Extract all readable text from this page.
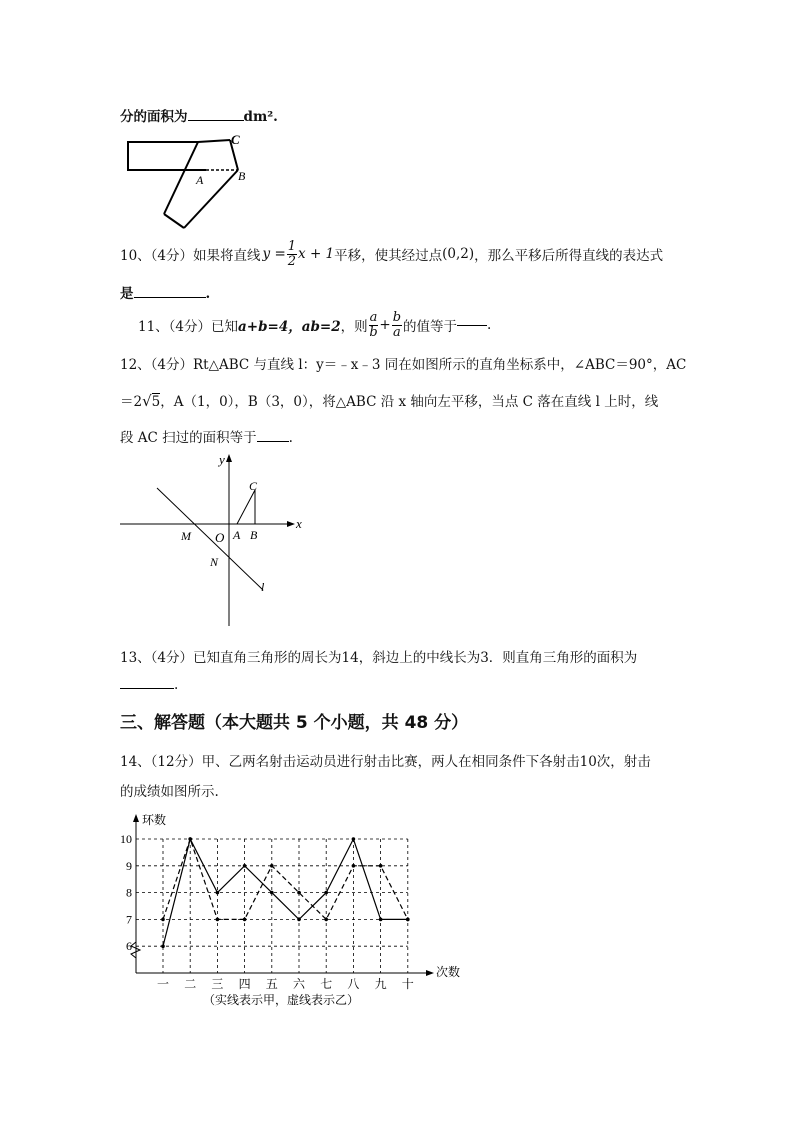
分的面积为	dm².
C
A	B
10、（4分）如果将直线 $y = \frac{1}{2}$ x + 1 平移，使其经过点 (0,2) ，那么平移后所得直线的表达式
是	.
11、（4分）已知 a+b=4，ab=2 ，则 $\frac{a}{b} + \frac{b}{a}$ 的值等于 .
12、（4分）Rt△ABC 与直线 l：y＝﹣x﹣3 同在如图所示的直角坐标系中，∠ABC＝90°，AC
＝2√5，A（1，0），B（3，0），将△ABC 沿 x 轴向左平移，当点 C 落在直线 l 上时，线
段 AC 扫过的面积等于 .
y
x
C
M O A B
N
l
13、（4分）已知直角三角形的周长为14，斜边上的中线长为3．则直角三角形的面积为
.
三、解答题（本大题共 5 个小题，共 48 分）
14、（12分）甲、乙两名射击运动员进行射击比赛，两人在相同条件下各射击10次，射击
的成绩如图所示.
环数
次数
6
7
8
9
10
一 二 三 四 五 六 七 八 九 十
（实线表示甲，虚线表示乙）
